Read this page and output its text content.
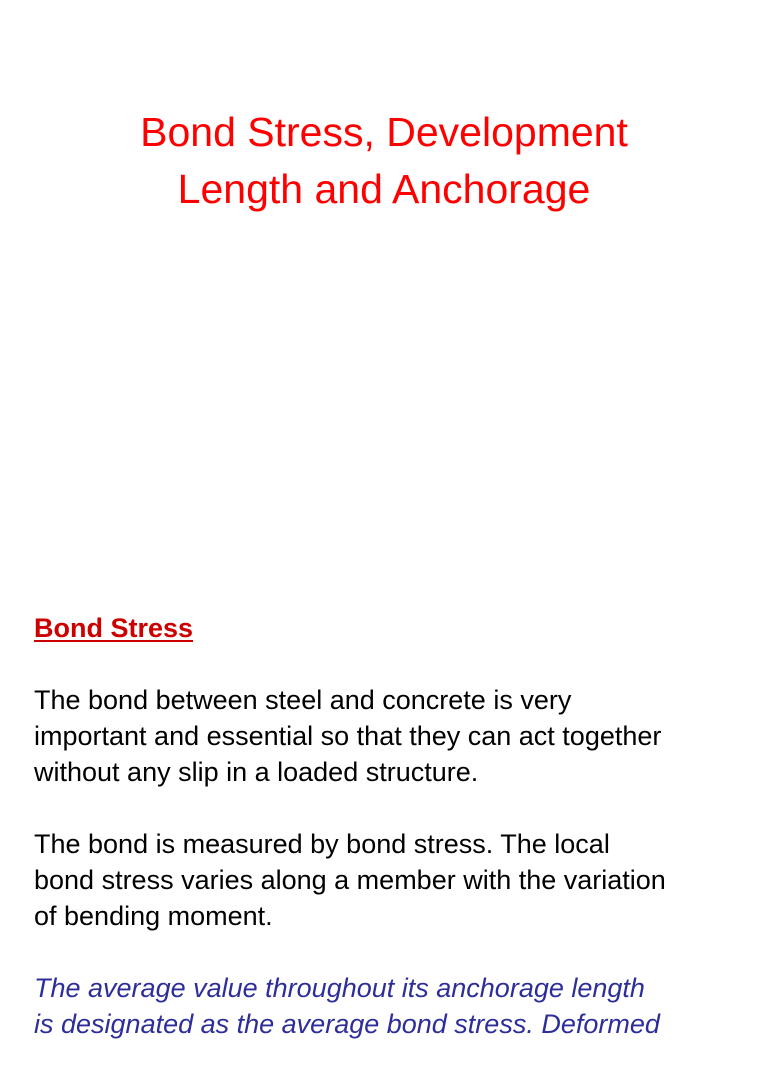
Bond Stress, Development
Length and Anchorage
Bond Stress
The bond between steel and concrete is very
important and essential so that they can act together
without any slip in a loaded structure.
The bond is measured by bond stress. The local
bond stress varies along a member with the variation
of bending moment.
The average value throughout its anchorage length
is designated as the average bond stress. Deformed
